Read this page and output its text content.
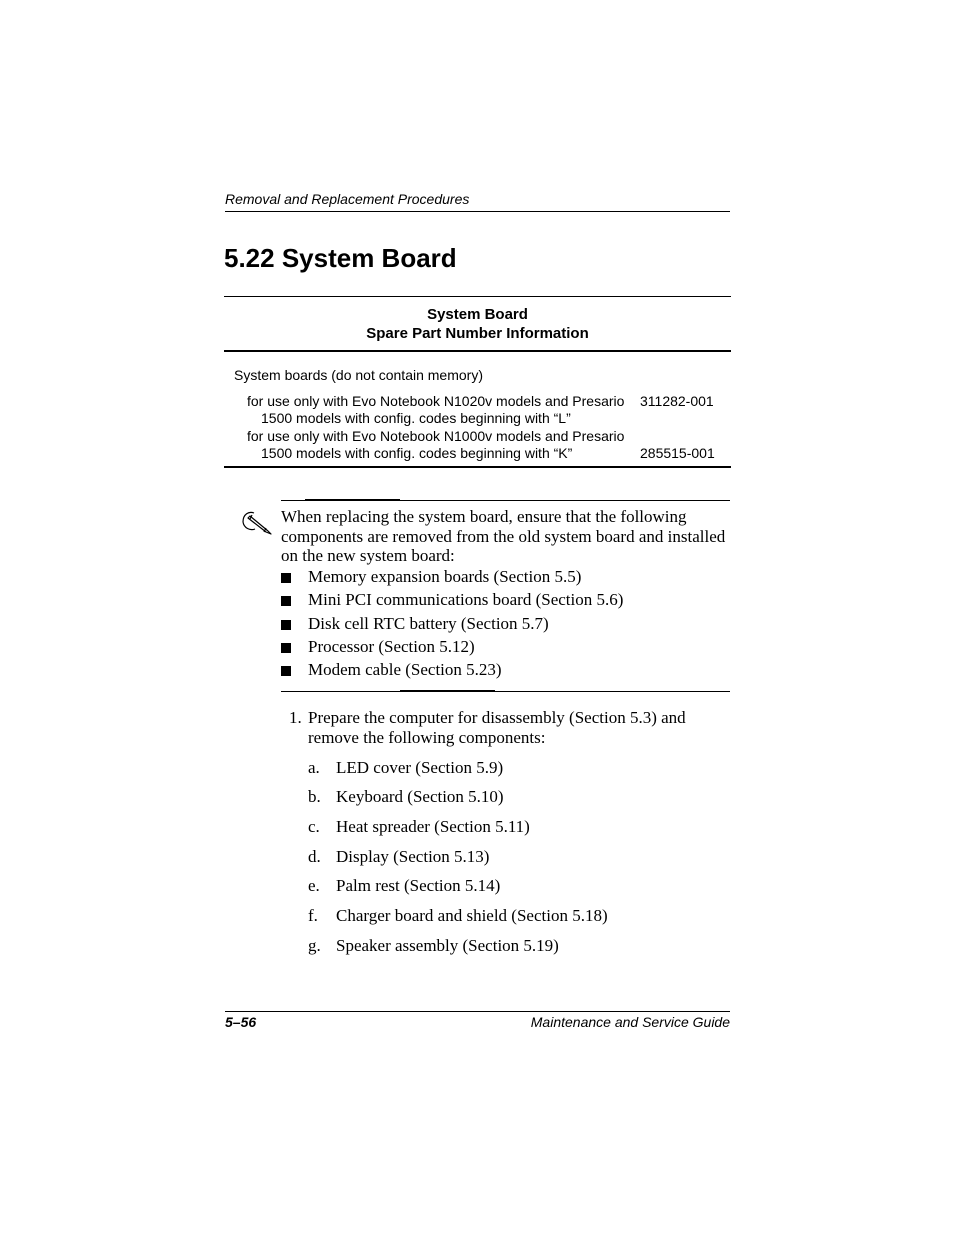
Removal and Replacement Procedures
5.22 System Board
System Board
Spare Part Number Information
System boards (do not contain memory)
for use only with Evo Notebook N1020v models and Presario
1500 models with config. codes beginning with “L”
311282-001
for use only with Evo Notebook N1000v models and Presario
1500 models with config. codes beginning with “K”	285515-001
When replacing the system board, ensure that the following components are removed from the old system board and installed on the new system board:
Memory expansion boards (Section 5.5)
Mini PCI communications board (Section 5.6)
Disk cell RTC battery (Section 5.7)
Processor (Section 5.12)
Modem cable (Section 5.23)
1. Prepare the computer for disassembly (Section 5.3) and remove the following components:
a. LED cover (Section 5.9)
b. Keyboard (Section 5.10)
c. Heat spreader (Section 5.11)
d. Display (Section 5.13)
e. Palm rest (Section 5.14)
f. Charger board and shield (Section 5.18)
g. Speaker assembly (Section 5.19)
5–56	Maintenance and Service Guide
